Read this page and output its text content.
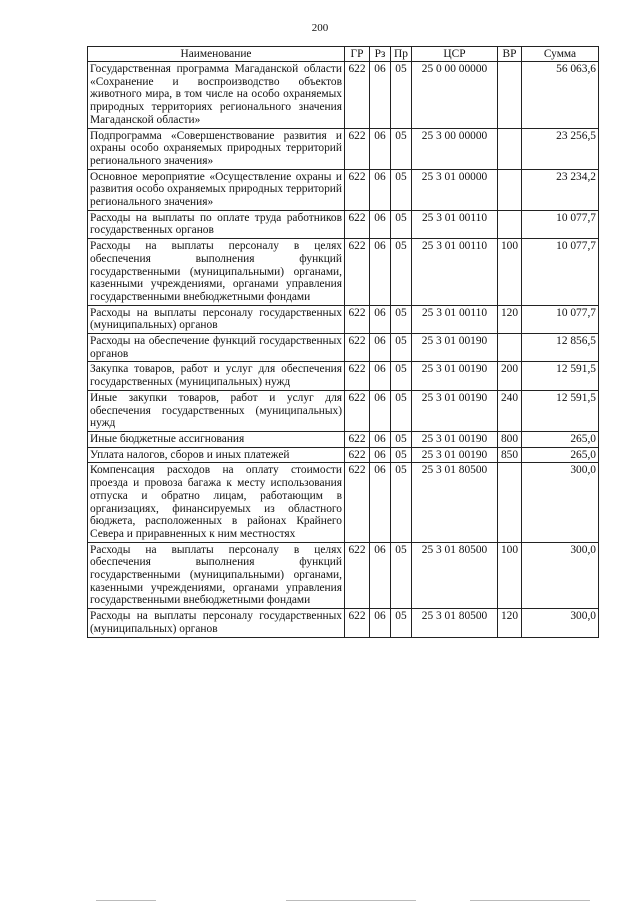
200
Наименование	ГР	Рз	Пр	ЦСР	ВР	Сумма
Государственная программа Магаданской области «Сохранение и воспроизводство объектов животного мира, в том числе на особо охраняемых природных территориях регионального значения Магаданской области»	622	06	05	25 0 00 00000		56 063,6
Подпрограмма «Совершенствование развития и охраны особо охраняемых природных территорий регионального значения»	622	06	05	25 3 00 00000		23 256,5
Основное мероприятие «Осуществление охраны и развития особо охраняемых природных территорий регионального значения»	622	06	05	25 3 01 00000		23 234,2
Расходы на выплаты по оплате труда работников государственных органов	622	06	05	25 3 01 00110		10 077,7
Расходы на выплаты персоналу в целях обеспечения выполнения функций государственными (муниципальными) органами, казенными учреждениями, органами управления государственными внебюджетными фондами	622	06	05	25 3 01 00110	100	10 077,7
Расходы на выплаты персоналу государственных (муниципальных) органов	622	06	05	25 3 01 00110	120	10 077,7
Расходы на обеспечение функций государственных органов	622	06	05	25 3 01 00190		12 856,5
Закупка товаров, работ и услуг для обеспечения государственных (муниципальных) нужд	622	06	05	25 3 01 00190	200	12 591,5
Иные закупки товаров, работ и услуг для обеспечения государственных (муниципальных) нужд	622	06	05	25 3 01 00190	240	12 591,5
Иные бюджетные ассигнования	622	06	05	25 3 01 00190	800	265,0
Уплата налогов, сборов и иных платежей	622	06	05	25 3 01 00190	850	265,0
Компенсация расходов на оплату стоимости проезда и провоза багажа к месту использования отпуска и обратно лицам, работающим в организациях, финансируемых из областного бюджета, расположенных в районах Крайнего Севера и приравненных к ним местностях	622	06	05	25 3 01 80500		300,0
Расходы на выплаты персоналу в целях обеспечения выполнения функций государственными (муниципальными) органами, казенными учреждениями, органами управления государственными внебюджетными фондами	622	06	05	25 3 01 80500	100	300,0
Расходы на выплаты персоналу государственных (муниципальных) органов	622	06	05	25 3 01 80500	120	300,0
